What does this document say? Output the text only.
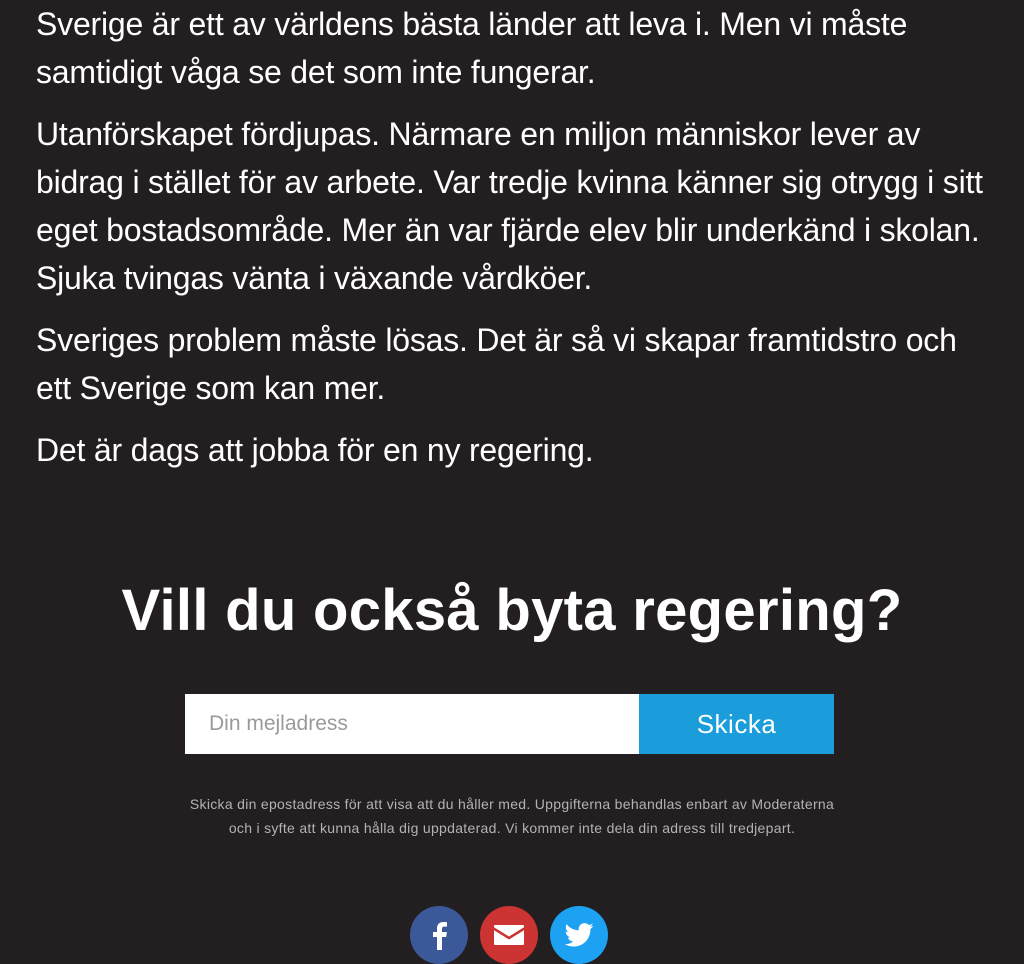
Sverige är ett av världens bästa länder att leva i. Men vi måste samtidigt våga se det som inte fungerar.

Utanförskapet fördjupas. Närmare en miljon människor lever av bidrag i stället för av arbete. Var tredje kvinna känner sig otrygg i sitt eget bostadsområde. Mer än var fjärde elev blir underkänd i skolan. Sjuka tvingas vänta i växande vårdköer.

Sveriges problem måste lösas. Det är så vi skapar framtidstro och ett Sverige som kan mer.

Det är dags att jobba för en ny regering.

Vill du också byta regering?
Din mejladress
Skicka

Skicka din epostadress för att visa att du håller med. Uppgifterna behandlas enbart av Moderaterna och i syfte att kunna hålla dig uppdaterad. Vi kommer inte dela din adress till tredjepart.
